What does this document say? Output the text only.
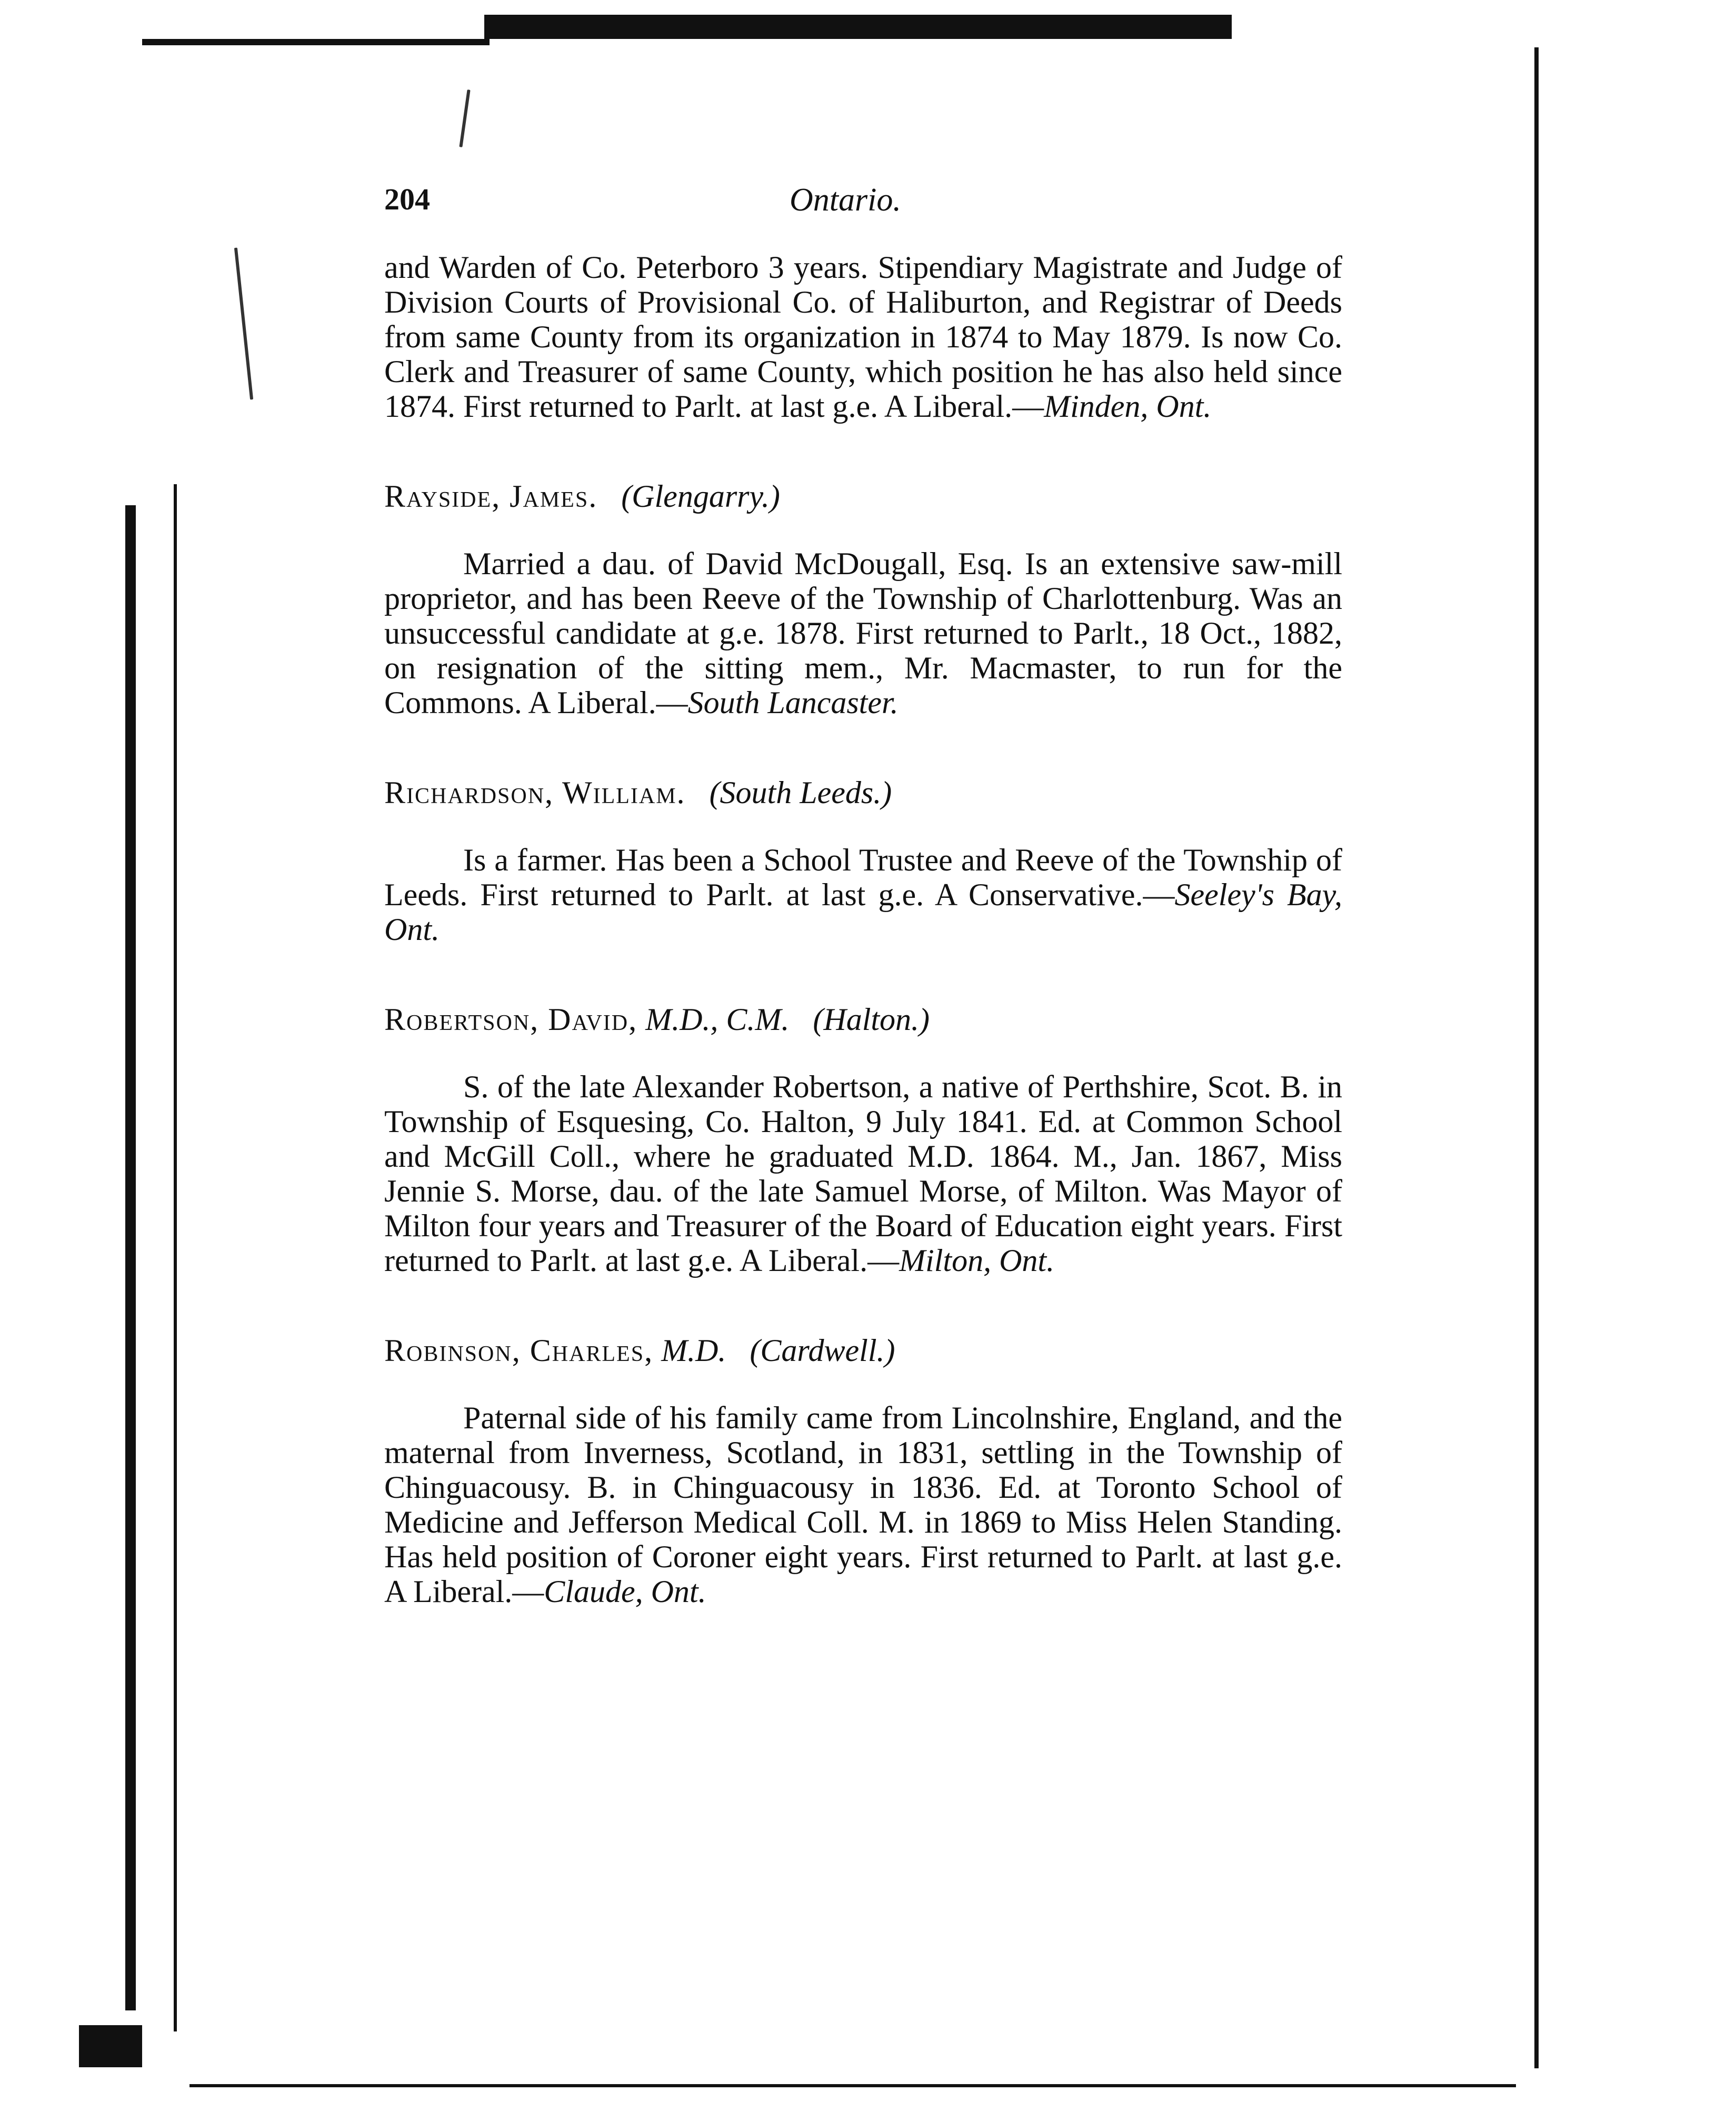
204	Ontario.

and Warden of Co. Peterboro 3 years. Stipendiary Magistrate and Judge of Division Courts of Provisional Co. of Haliburton, and Registrar of Deeds from same County from its organization in 1874 to May 1879. Is now Co. Clerk and Treasurer of same County, which position he has also held since 1874. First returned to Parlt. at last g.e. A Liberal.—Minden, Ont.

Rayside, James. (Glengarry.)

Married a dau. of David McDougall, Esq. Is an extensive saw-mill proprietor, and has been Reeve of the Township of Charlottenburg. Was an unsuccessful candidate at g.e. 1878. First returned to Parlt., 18 Oct., 1882, on resignation of the sitting mem., Mr. Macmaster, to run for the Commons. A Liberal.—South Lancaster.

Richardson, William. (South Leeds.)

Is a farmer. Has been a School Trustee and Reeve of the Township of Leeds. First returned to Parlt. at last g.e. A Conservative.—Seeley's Bay, Ont.

Robertson, David, M.D., C.M. (Halton.)

S. of the late Alexander Robertson, a native of Perthshire, Scot. B. in Township of Esquesing, Co. Halton, 9 July 1841. Ed. at Common School and McGill Coll., where he graduated M.D. 1864. M., Jan. 1867, Miss Jennie S. Morse, dau. of the late Samuel Morse, of Milton. Was Mayor of Milton four years and Treasurer of the Board of Education eight years. First returned to Parlt. at last g.e. A Liberal.—Milton, Ont.

Robinson, Charles, M.D. (Cardwell.)

Paternal side of his family came from Lincolnshire, England, and the maternal from Inverness, Scotland, in 1831, settling in the Township of Chinguacousy. B. in Chinguacousy in 1836. Ed. at Toronto School of Medicine and Jefferson Medical Coll. M. in 1869 to Miss Helen Standing. Has held position of Coroner eight years. First returned to Parlt. at last g.e. A Liberal.—Claude, Ont.
